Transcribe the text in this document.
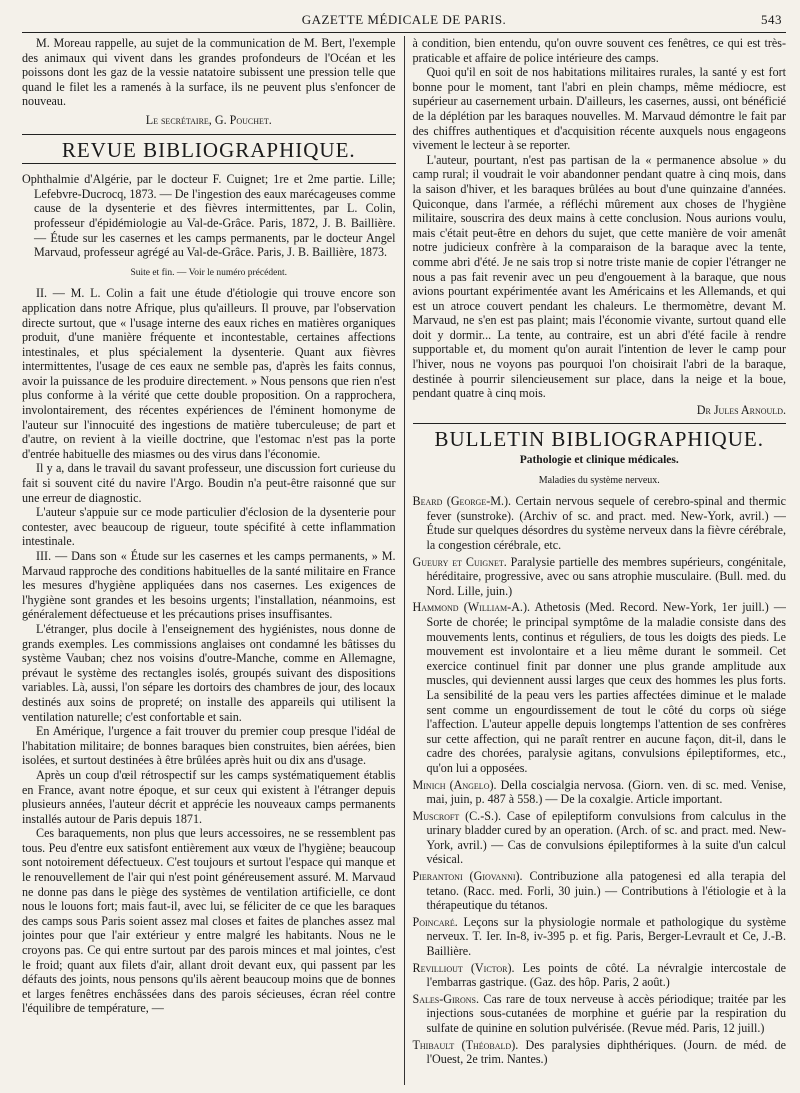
GAZETTE MÉDICALE DE PARIS.	543

M. Moreau rappelle, au sujet de la communication de M. Bert, l'exemple des animaux qui vivent dans les grandes profondeurs de l'Océan et les poissons dont les gaz de la vessie natatoire subissent une pression telle que quand le filet les a ramenés à la surface, ils ne peuvent plus s'enfoncer de nouveau.

Le secrétaire, G. Pouchet.

REVUE BIBLIOGRAPHIQUE.

Ophthalmie d'Algérie, par le docteur F. Cuignet; 1re et 2me partie. Lille; Lefebvre-Ducrocq, 1873. — De l'ingestion des eaux marécageuses comme cause de la dysenterie et des fièvres intermittentes, par L. Colin, professeur d'épidémiologie au Val-de-Grâce. Paris, 1872, J. B. Baillière. — Étude sur les casernes et les camps permanents, par le docteur Angel Marvaud, professeur agrégé au Val-de-Grâce. Paris, J. B. Baillière, 1873.

Suite et fin. — Voir le numéro précédent.

II. — M. L. Colin a fait une étude d'étiologie qui trouve encore son application dans notre Afrique, plus qu'ailleurs. Il prouve, par l'observation directe surtout, que « l'usage interne des eaux riches en matières organiques produit, d'une manière fréquente et incontestable, certaines affections intestinales, et plus spécialement la dysenterie. Quant aux fièvres intermittentes, l'usage de ces eaux ne semble pas, d'après les faits connus, avoir la puissance de les produire directement. » Nous pensons que rien n'est plus conforme à la vérité que cette double proposition. On a rapprochera, involontairement, des récentes expériences de l'éminent homonyme de l'auteur sur l'innocuité des ingestions de matière tuberculeuse; de part et d'autre, on revient à la vieille doctrine, que l'estomac n'est pas la porte d'entrée habituelle des miasmes ou des virus dans l'économie.

Il y a, dans le travail du savant professeur, une discussion fort curieuse du fait si souvent cité du navire l'Argo. Boudin n'a peut-être raisonné que sur une erreur de diagnostic.

L'auteur s'appuie sur ce mode particulier d'éclosion de la dysenterie pour contester, avec beaucoup de rigueur, toute spécifité à cette inflammation intestinale.

III. — Dans son « Étude sur les casernes et les camps permanents, » M. Marvaud rapproche des conditions habituelles de la santé militaire en France les mesures d'hygiène appliquées dans nos casernes. Les exigences de l'hygiène sont grandes et les besoins urgents; l'installation, néanmoins, est généralement défectueuse et les précautions prises insuffisantes.

L'étranger, plus docile à l'enseignement des hygiénistes, nous donne de grands exemples. Les commissions anglaises ont condamné les bâtisses du système Vauban; chez nos voisins d'outre-Manche, comme en Allemagne, prévaut le système des rectangles isolés, groupés suivant des dispositions variables. Là, aussi, l'on sépare les dortoirs des chambres de jour, des locaux destinés aux soins de propreté; on installe des appareils qui utilisent la ventilation naturelle; c'est confortable et sain.

En Amérique, l'urgence a fait trouver du premier coup presque l'idéal de l'habitation militaire; de bonnes baraques bien construites, bien aérées, bien isolées, et surtout destinées à être brûlées après huit ou dix ans d'usage.

Après un coup d'œil rétrospectif sur les camps systématiquement établis en France, avant notre époque, et sur ceux qui existent à l'étranger depuis plusieurs années, l'auteur décrit et apprécie les nouveaux camps permanents installés autour de Paris depuis 1871.

Ces baraquements, non plus que leurs accessoires, ne se ressemblent pas tous. Peu d'entre eux satisfont entièrement aux vœux de l'hygiène; beaucoup sont notoirement défectueux. C'est toujours et surtout l'espace qui manque et le renouvellement de l'air qui n'est point généreusement assuré. M. Marvaud ne donne pas dans le piège des systèmes de ventilation artificielle, ce dont nous le louons fort; mais faut-il, avec lui, se féliciter de ce que les baraques des camps sous Paris soient assez mal closes et faites de planches assez mal jointes pour que l'air extérieur y entre malgré les habitants. Nous ne le croyons pas. Ce qui entre surtout par des parois minces et mal jointes, c'est le froid; quant aux filets d'air, allant droit devant eux, qui passent par les défauts des joints, nous pensons qu'ils aèrent beaucoup moins que de bonnes et larges fenêtres enchâssées dans des parois sécieuses, écran réel contre l'équilibre de température, —

à condition, bien entendu, qu'on ouvre souvent ces fenêtres, ce qui est très-praticable et affaire de police intérieure des camps.

Quoi qu'il en soit de nos habitations militaires rurales, la santé y est fort bonne pour le moment, tant l'abri en plein champs, même médiocre, est supérieur au casernement urbain. D'ailleurs, les casernes, aussi, ont bénéficié de la déplétion par les baraques nouvelles. M. Marvaud démontre le fait par des chiffres authentiques et d'acquisition récente auxquels nous engageons vivement le lecteur à se reporter.

L'auteur, pourtant, n'est pas partisan de la « permanence absolue » du camp rural; il voudrait le voir abandonner pendant quatre à cinq mois, dans la saison d'hiver, et les baraques brûlées au bout d'une quinzaine d'années. Quiconque, dans l'armée, a réfléchi mûrement aux choses de l'hygiène militaire, souscrira des deux mains à cette conclusion. Nous aurions voulu, mais c'était peut-être en dehors du sujet, que cette manière de voir amenât notre judicieux confrère à la comparaison de la baraque avec la tente, comme abri d'été. Je ne sais trop si notre triste manie de copier l'étranger ne nous a pas fait revenir avec un peu d'engouement à la baraque, que nous avions pourtant expérimentée avant les Américains et les Allemands, et qui est un atroce couvert pendant les chaleurs. Le thermomètre, devant M. Marvaud, ne s'en est pas plaint; mais l'économie vivante, surtout quand elle doit y dormir... La tente, au contraire, est un abri d'été facile à rendre supportable et, du moment qu'on aurait l'intention de lever le camp pour l'hiver, nous ne voyons pas pourquoi l'on choisirait l'abri de la baraque, destinée à pourrir silencieusement sur place, dans la neige et la boue, pendant quatre à cinq mois.

Dr Jules Arnould.

BULLETIN BIBLIOGRAPHIQUE.

Pathologie et clinique médicales.

Maladies du système nerveux.

Beard (George-M.). Certain nervous sequele of cerebro-spinal and thermic fever (sunstroke). (Archiv of sc. and pract. med. New-York, avril.) — Étude sur quelques désordres du système nerveux dans la fièvre cérébrale, la congestion cérébrale, etc.

Gueury et Cuignet. Paralysie partielle des membres supérieurs, congénitale, héréditaire, progressive, avec ou sans atrophie musculaire. (Bull. med. du Nord. Lille, juin.)

Hammond (William-A.). Athetosis (Med. Record. New-York, 1er juill.) — Sorte de chorée; le principal symptôme de la maladie consiste dans des mouvements lents, continus et réguliers, de tous les doigts des pieds. Le mouvement est involontaire et a lieu même durant le sommeil. Cet exercice continuel finit par donner une plus grande amplitude aux muscles, qui deviennent aussi larges que ceux des hommes les plus forts. La sensibilité de la peau vers les parties affectées diminue et le malade sent comme un engourdissement de tout le côté du corps où siége l'affection. L'auteur appelle depuis longtemps l'attention de ses confrères sur cette affection, qui ne paraît rentrer en aucune façon, dit-il, dans le cadre des chorées, paralysie agitans, convulsions épileptiformes, etc., qu'on lui a opposées.

Minich (Angelo). Della coscialgia nervosa. (Giorn. ven. di sc. med. Venise, mai, juin, p. 487 à 558.) — De la coxalgie. Article important.

Muscroft (C.-S.). Case of epileptiform convulsions from calculus in the urinary bladder cured by an operation. (Arch. of sc. and pract. med. New-York, avril.) — Cas de convulsions épileptiformes à la suite d'un calcul vésical.

Pierantoni (Giovanni). Contribuzione alla patogenesi ed alla terapia del tetano. (Racc. med. Forli, 30 juin.) — Contributions à l'étiologie et à la thérapeutique du tétanos.

Poincaré. Leçons sur la physiologie normale et pathologique du système nerveux. T. Ier. In-8, iv-395 p. et fig. Paris, Berger-Levrault et Ce, J.-B. Baillière.

Revilliout (Victor). Les points de côté. La névralgie intercostale de l'embarras gastrique. (Gaz. des hôp. Paris, 2 août.)

Sales-Girons. Cas rare de toux nerveuse à accès périodique; traitée par les injections sous-cutanées de morphine et guérie par la respiration du sulfate de quinine en solution pulvérisée. (Revue méd. Paris, 12 juill.)

Thibault (Théobald). Des paralysies diphthériques. (Journ. de méd. de l'Ouest, 2e trim. Nantes.)
